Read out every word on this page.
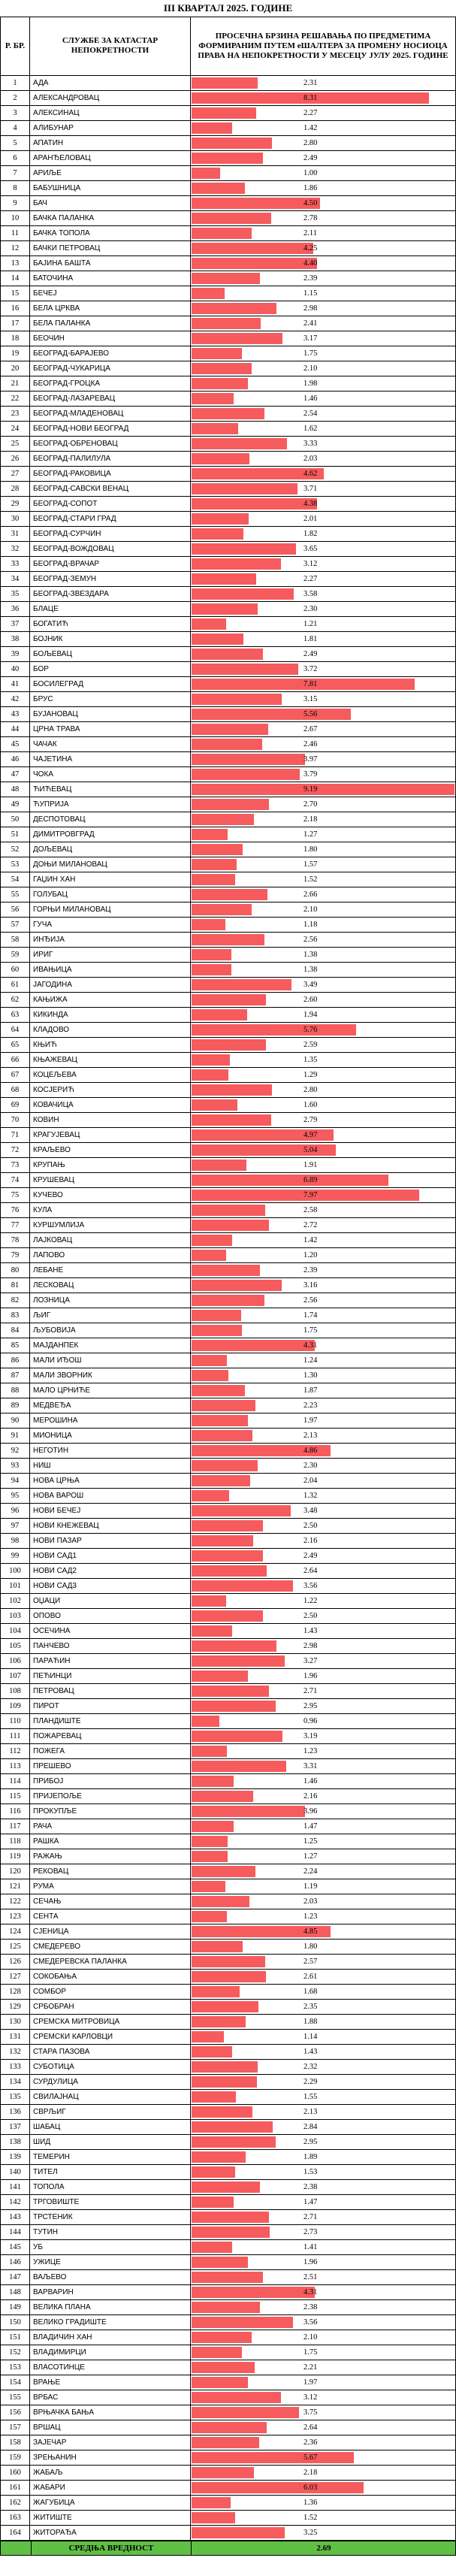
III КВАРТАЛ 2025. ГОДИНЕ
Р. БР.
СЛУЖБЕ ЗА КАТАСТАР НЕПОКРЕТНОСТИ
ПРОСЕЧНА БРЗИНА РЕШАВАЊА ПО ПРЕДМЕТИМА ФОРМИРАНИМ ПУТЕМ еШАЛТЕРА ЗА ПРОМЕНУ НОСИОЦА ПРАВА НА НЕПОКРЕТНОСТИ У МЕСЕЦУ ЈУЛУ 2025. ГОДИНЕ
1	АДА	2.31
2	АЛЕКСАНДРОВАЦ	8.31
3	АЛЕКСИНАЦ	2.27
4	АЛИБУНАР	1.42
5	АПАТИН	2.80
6	АРАНЂЕЛОВАЦ	2.49
7	АРИЉЕ	1.00
8	БАБУШНИЦА	1.86
9	БАЧ	4.50
10	БАЧКА ПАЛАНКА	2.78
11	БАЧКА ТОПОЛА	2.11
12	БАЧКИ ПЕТРОВАЦ	4.25
13	БАЈИНА БАШТА	4.40
14	БАТОЧИНА	2.39
15	БЕЧЕЈ	1.15
16	БЕЛА ЦРКВА	2.98
17	БЕЛА ПАЛАНКА	2.41
18	БЕОЧИН	3.17
19	БЕОГРАД-БАРАЈЕВО	1.75
20	БЕОГРАД-ЧУКАРИЦА	2.10
21	БЕОГРАД-ГРОЦКА	1.98
22	БЕОГРАД-ЛАЗАРЕВАЦ	1.46
23	БЕОГРАД-МЛАДЕНОВАЦ	2.54
24	БЕОГРАД-НОВИ БЕОГРАД	1.62
25	БЕОГРАД-ОБРЕНОВАЦ	3.33
26	БЕОГРАД-ПАЛИЛУЛА	2.03
27	БЕОГРАД-РАКОВИЦА	4.62
28	БЕОГРАД-САВСКИ ВЕНАЦ	3.71
29	БЕОГРАД-СОПОТ	4.38
30	БЕОГРАД-СТАРИ ГРАД	2.01
31	БЕОГРАД-СУРЧИН	1.82
32	БЕОГРАД-ВОЖДОВАЦ	3.65
33	БЕОГРАД-ВРАЧАР	3.12
34	БЕОГРАД-ЗЕМУН	2.27
35	БЕОГРАД-ЗВЕЗДАРА	3.58
36	БЛАЦЕ	2.30
37	БОГАТИЋ	1.21
38	БОЈНИК	1.81
39	БОЉЕВАЦ	2.49
40	БОР	3.72
41	БОСИЛЕГРАД	7.81
42	БРУС	3.15
43	БУЈАНОВАЦ	5.56
44	ЦРНА ТРАВА	2.67
45	ЧАЧАК	2.46
46	ЧАЈЕТИНА	3.97
47	ЧОКА	3.79
48	ЋИЋЕВАЦ	9.19
49	ЋУПРИЈА	2.70
50	ДЕСПОТОВАЦ	2.18
51	ДИМИТРОВГРАД	1.27
52	ДОЉЕВАЦ	1.80
53	ДОЊИ МИЛАНОВАЦ	1.57
54	ГАЏИН ХАН	1.52
55	ГОЛУБАЦ	2.66
56	ГОРЊИ МИЛАНОВАЦ	2.10
57	ГУЧА	1.18
58	ИНЂИЈА	2.56
59	ИРИГ	1.38
60	ИВАЊИЦА	1.38
61	ЈАГОДИНА	3.49
62	КАЊИЖА	2.60
63	КИКИНДА	1.94
64	КЛАДОВО	5.76
65	КЊИЋ	2.59
66	КЊАЖЕВАЦ	1.35
67	КОЦЕЉЕВА	1.29
68	КОСЈЕРИЋ	2.80
69	КОВАЧИЦА	1.60
70	КОВИН	2.79
71	КРАГУЈЕВАЦ	4.97
72	КРАЉЕВО	5.04
73	КРУПАЊ	1.91
74	КРУШЕВАЦ	6.89
75	КУЧЕВО	7.97
76	КУЛА	2.58
77	КУРШУМЛИЈА	2.72
78	ЛАЈКОВАЦ	1.42
79	ЛАПОВО	1.20
80	ЛЕБАНЕ	2.39
81	ЛЕСКОВАЦ	3.16
82	ЛОЗНИЦА	2.56
83	ЉИГ	1.74
84	ЉУБОВИЈА	1.75
85	МАЈДАНПЕК	4.31
86	МАЛИ ИЂОШ	1.24
87	МАЛИ ЗВОРНИК	1.30
88	МАЛО ЦРНИЋЕ	1.87
89	МЕДВЕЂА	2.23
90	МЕРОШИНА	1.97
91	МИОНИЦА	2.13
92	НЕГОТИН	4.86
93	НИШ	2.30
94	НОВА ЦРЊА	2.04
95	НОВА ВАРОШ	1.32
96	НОВИ БЕЧЕЈ	3.48
97	НОВИ КНЕЖЕВАЦ	2.50
98	НОВИ ПАЗАР	2.16
99	НОВИ САД1	2.49
100	НОВИ САД2	2.64
101	НОВИ САД3	3.56
102	ОЏАЦИ	1.22
103	ОПОВО	2.50
104	ОСЕЧИНА	1.43
105	ПАНЧЕВО	2.98
106	ПАРАЋИН	3.27
107	ПЕЋИНЦИ	1.96
108	ПЕТРОВАЦ	2.71
109	ПИРОТ	2.95
110	ПЛАНДИШТЕ	0.96
111	ПОЖАРЕВАЦ	3.19
112	ПОЖЕГА	1.23
113	ПРЕШЕВО	3.31
114	ПРИБОЈ	1.46
115	ПРИЈЕПОЉЕ	2.16
116	ПРОКУПЉЕ	3.96
117	РАЧА	1.47
118	РАШКА	1.25
119	РАЖАЊ	1.27
120	РЕКОВАЦ	2.24
121	РУМА	1.19
122	СЕЧАЊ	2.03
123	СЕНТА	1.23
124	СЈЕНИЦА	4.85
125	СМЕДЕРЕВО	1.80
126	СМЕДЕРЕВСКА ПАЛАНКА	2.57
127	СОКОБАЊА	2.61
128	СОМБОР	1.68
129	СРБОБРАН	2.35
130	СРЕМСКА МИТРОВИЦА	1.88
131	СРЕМСКИ КАРЛОВЦИ	1.14
132	СТАРА ПАЗОВА	1.43
133	СУБОТИЦА	2.32
134	СУРДУЛИЦА	2.29
135	СВИЛАЈНАЦ	1.55
136	СВРЉИГ	2.13
137	ШАБАЦ	2.84
138	ШИД	2.95
139	ТЕМЕРИН	1.89
140	ТИТЕЛ	1.53
141	ТОПОЛА	2.38
142	ТРГОВИШТЕ	1.47
143	ТРСТЕНИК	2.71
144	ТУТИН	2.73
145	УБ	1.41
146	УЖИЦЕ	1.96
147	ВАЉЕВО	2.51
148	ВАРВАРИН	4.31
149	ВЕЛИКА ПЛАНА	2.38
150	ВЕЛИКО ГРАДИШТЕ	3.56
151	ВЛАДИЧИН ХАН	2.10
152	ВЛАДИМИРЦИ	1.75
153	ВЛАСОТИНЦЕ	2.21
154	ВРАЊЕ	1.97
155	ВРБАС	3.12
156	ВРЊАЧКА БАЊА	3.75
157	ВРШАЦ	2.64
158	ЗАЈЕЧАР	2.36
159	ЗРЕЊАНИН	5.67
160	ЖАБАЉ	2.18
161	ЖАБАРИ	6.03
162	ЖАГУБИЦА	1.36
163	ЖИТИШТЕ	1.52
164	ЖИТОРАЂА	3.25
СРЕДЊА ВРЕДНОСТ	2.69
